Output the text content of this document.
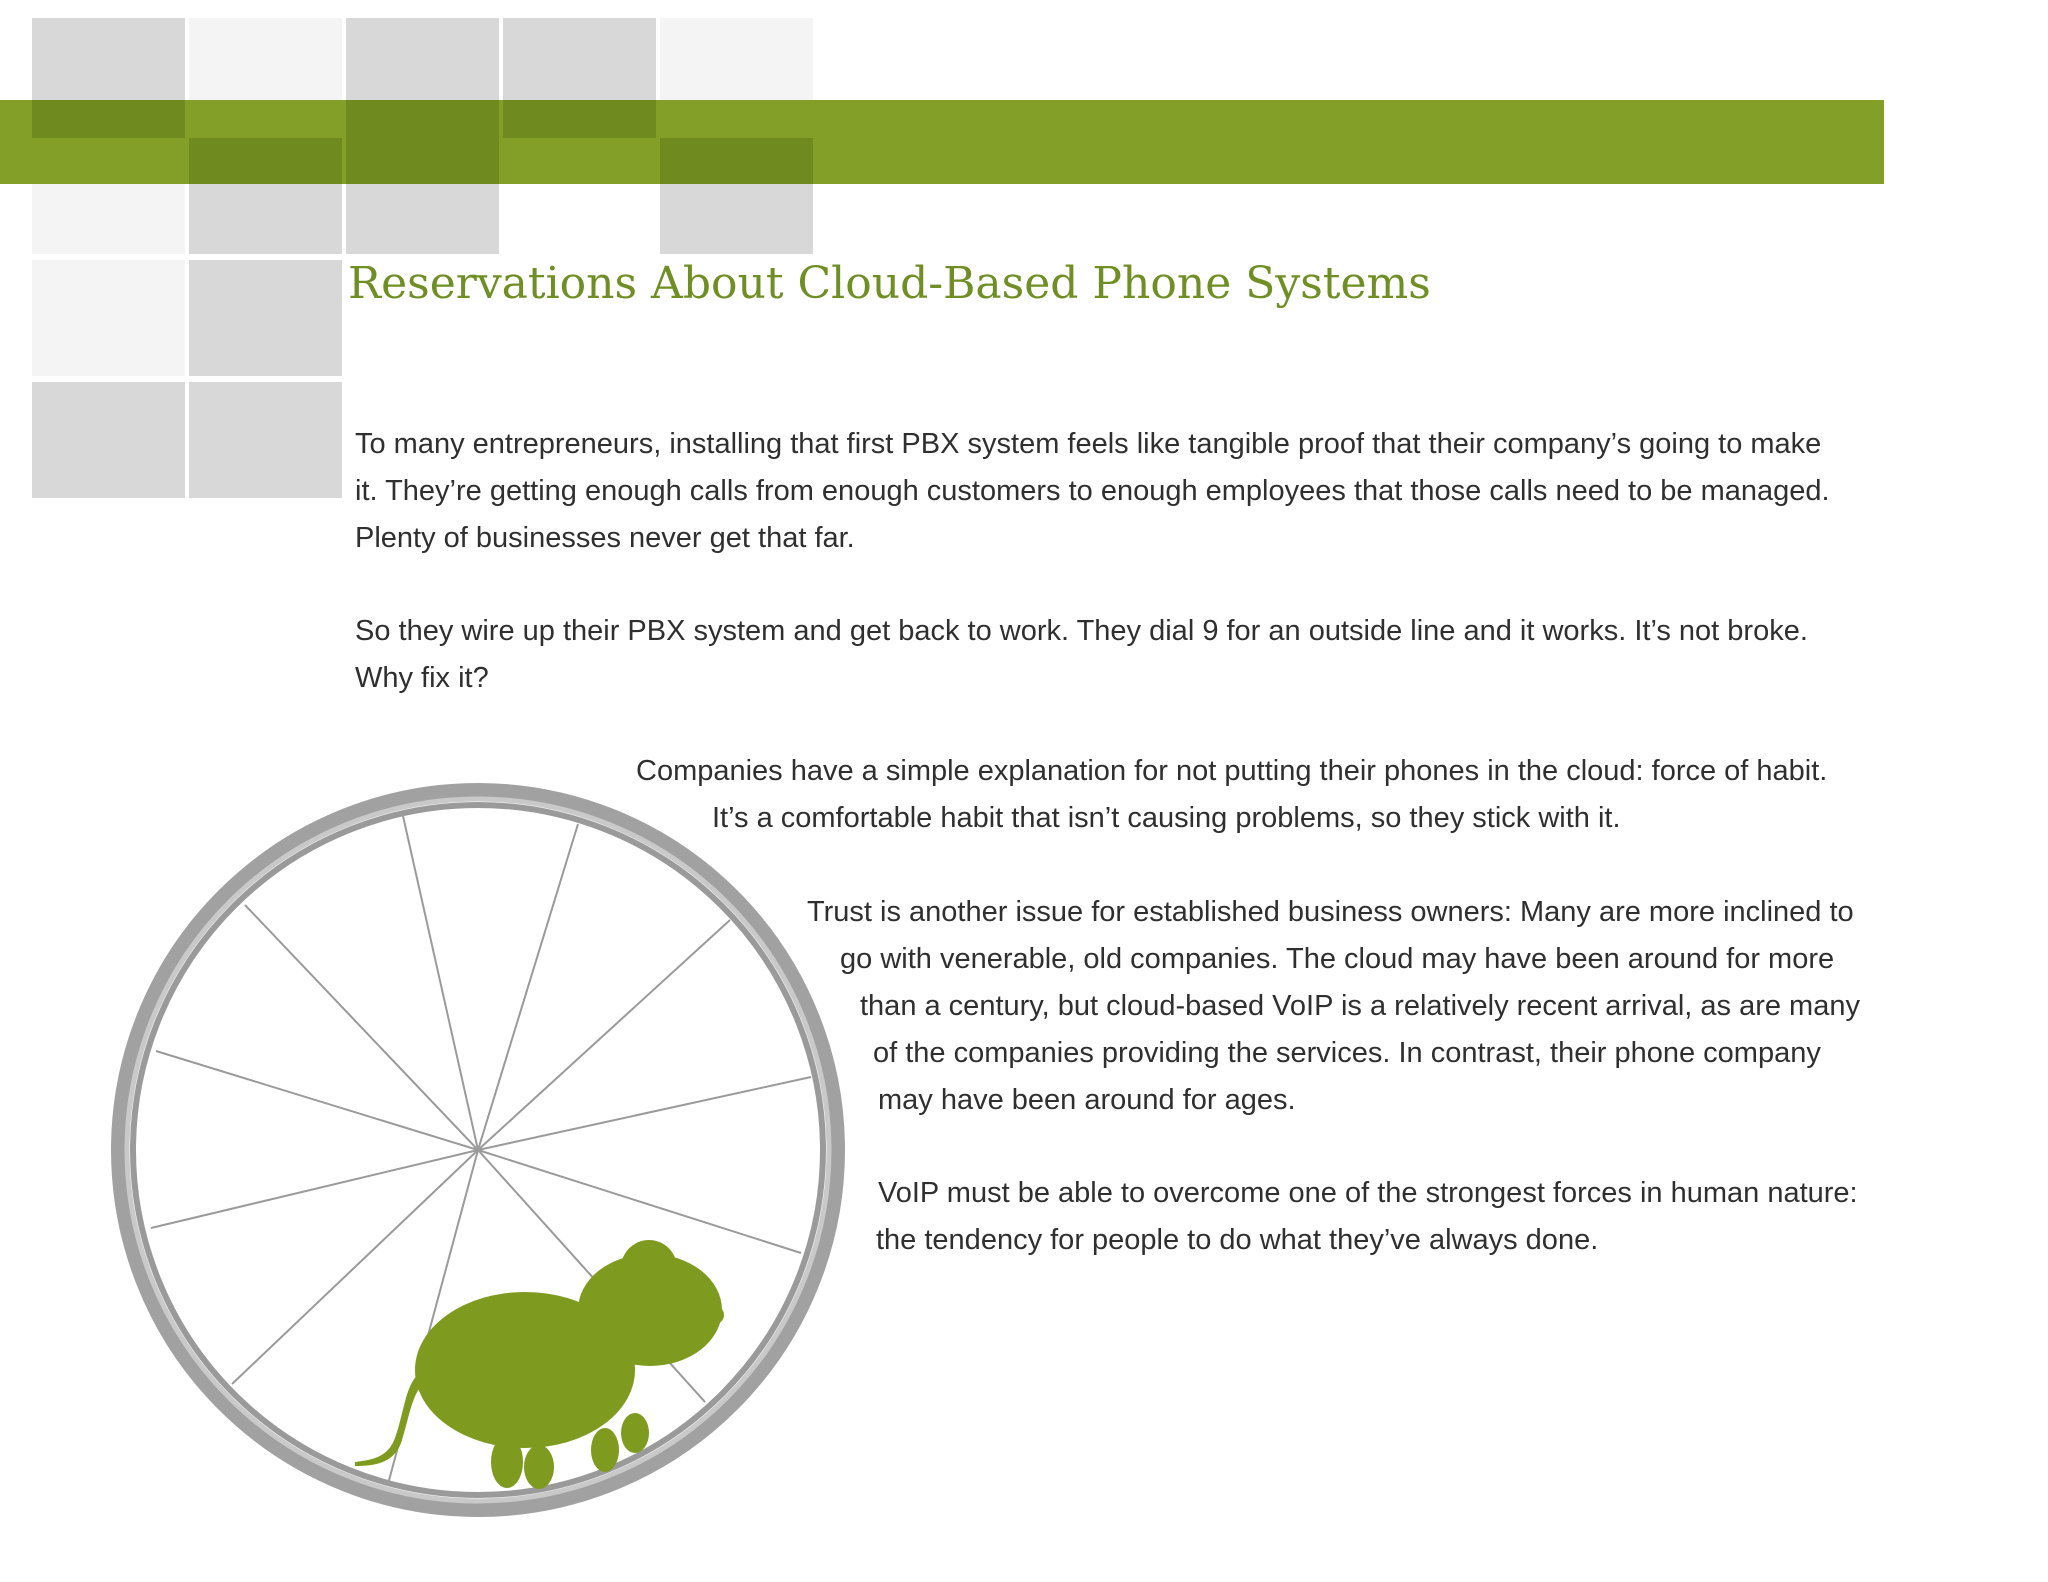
Reservations About Cloud-Based Phone Systems

To many entrepreneurs, installing that first PBX system feels like tangible proof that their company’s going to make
it. They’re getting enough calls from enough customers to enough employees that those calls need to be managed.
Plenty of businesses never get that far.

So they wire up their PBX system and get back to work. They dial 9 for an outside line and it works. It’s not broke.
Why fix it?

Companies have a simple explanation for not putting their phones in the cloud: force of habit.
It’s a comfortable habit that isn’t causing problems, so they stick with it.

Trust is another issue for established business owners: Many are more inclined to
go with venerable, old companies. The cloud may have been around for more
than a century, but cloud-based VoIP is a relatively recent arrival, as are many
of the companies providing the services. In contrast, their phone company
may have been around for ages.

VoIP must be able to overcome one of the strongest forces in human nature:
the tendency for people to do what they’ve always done.
